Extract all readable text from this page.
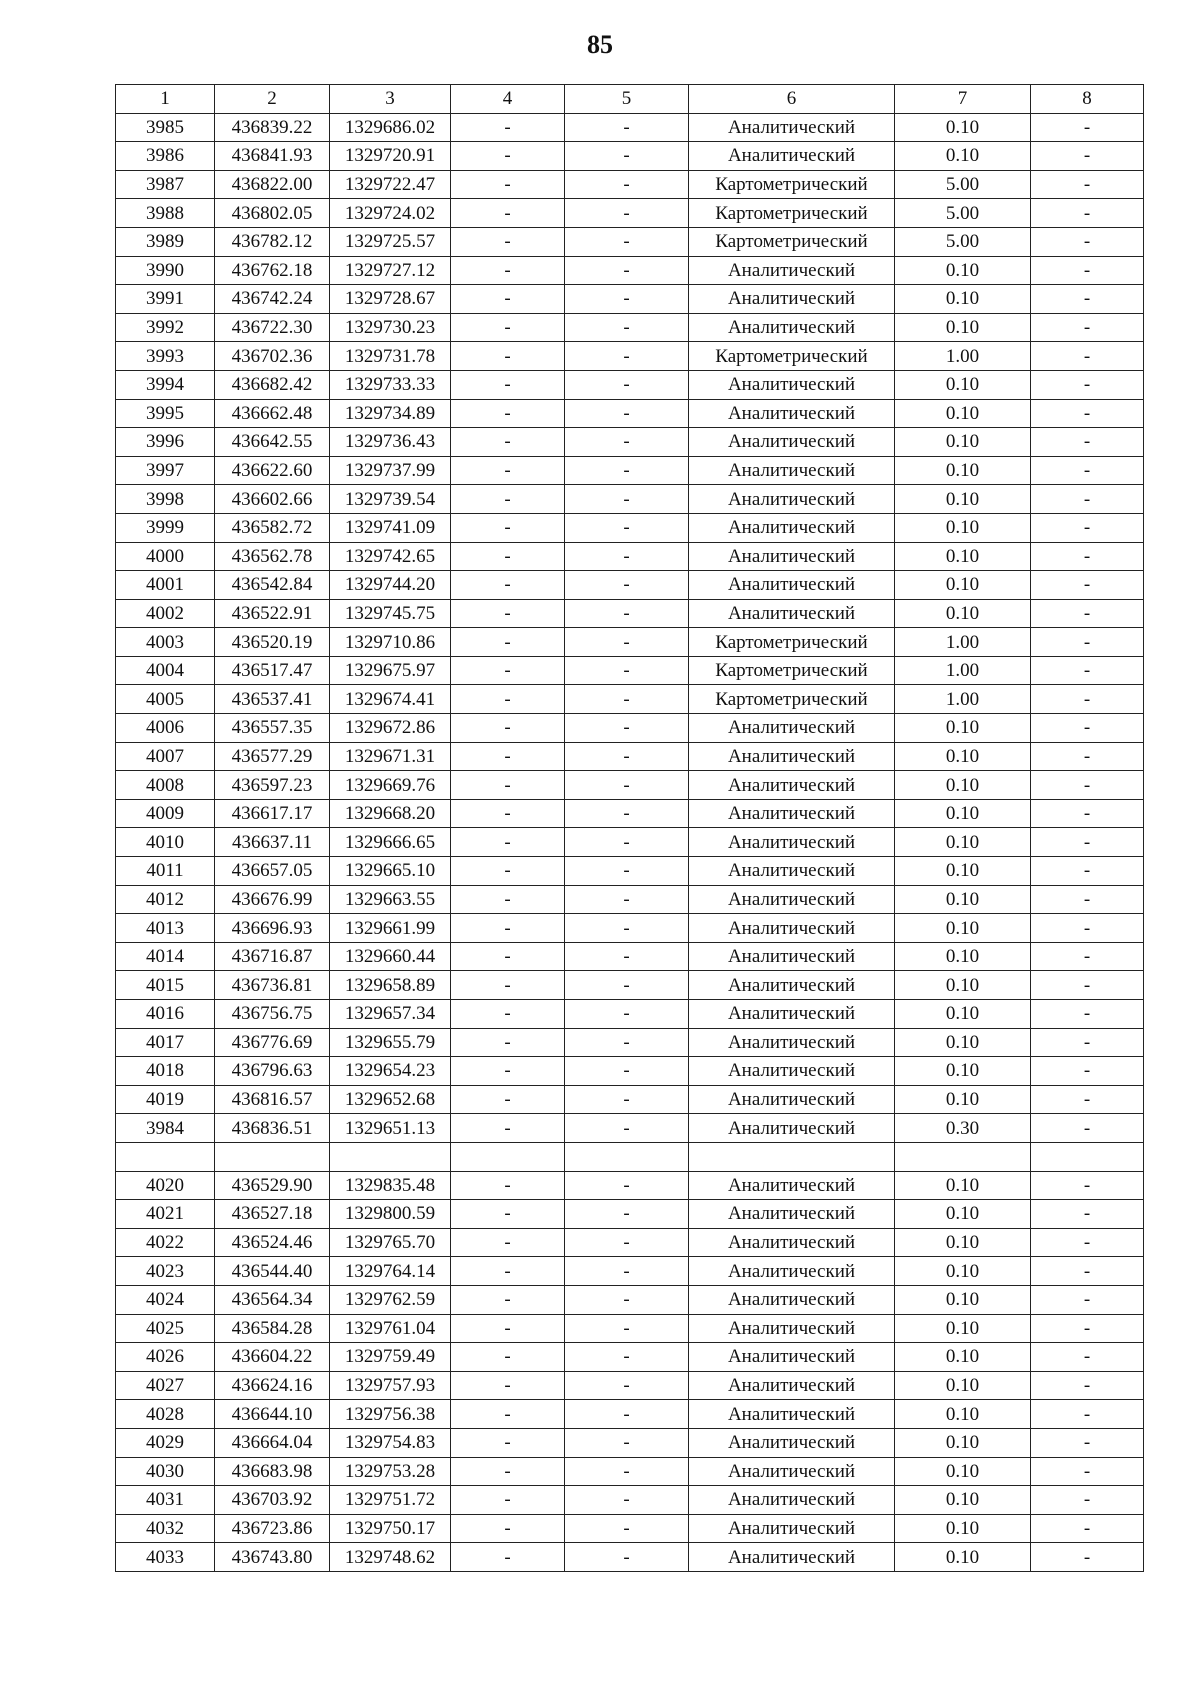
85
1	2	3	4	5	6	7	8
3985	436839.22	1329686.02	-	-	Аналитический	0.10	-
3986	436841.93	1329720.91	-	-	Аналитический	0.10	-
3987	436822.00	1329722.47	-	-	Картометрический	5.00	-
3988	436802.05	1329724.02	-	-	Картометрический	5.00	-
3989	436782.12	1329725.57	-	-	Картометрический	5.00	-
3990	436762.18	1329727.12	-	-	Аналитический	0.10	-
3991	436742.24	1329728.67	-	-	Аналитический	0.10	-
3992	436722.30	1329730.23	-	-	Аналитический	0.10	-
3993	436702.36	1329731.78	-	-	Картометрический	1.00	-
3994	436682.42	1329733.33	-	-	Аналитический	0.10	-
3995	436662.48	1329734.89	-	-	Аналитический	0.10	-
3996	436642.55	1329736.43	-	-	Аналитический	0.10	-
3997	436622.60	1329737.99	-	-	Аналитический	0.10	-
3998	436602.66	1329739.54	-	-	Аналитический	0.10	-
3999	436582.72	1329741.09	-	-	Аналитический	0.10	-
4000	436562.78	1329742.65	-	-	Аналитический	0.10	-
4001	436542.84	1329744.20	-	-	Аналитический	0.10	-
4002	436522.91	1329745.75	-	-	Аналитический	0.10	-
4003	436520.19	1329710.86	-	-	Картометрический	1.00	-
4004	436517.47	1329675.97	-	-	Картометрический	1.00	-
4005	436537.41	1329674.41	-	-	Картометрический	1.00	-
4006	436557.35	1329672.86	-	-	Аналитический	0.10	-
4007	436577.29	1329671.31	-	-	Аналитический	0.10	-
4008	436597.23	1329669.76	-	-	Аналитический	0.10	-
4009	436617.17	1329668.20	-	-	Аналитический	0.10	-
4010	436637.11	1329666.65	-	-	Аналитический	0.10	-
4011	436657.05	1329665.10	-	-	Аналитический	0.10	-
4012	436676.99	1329663.55	-	-	Аналитический	0.10	-
4013	436696.93	1329661.99	-	-	Аналитический	0.10	-
4014	436716.87	1329660.44	-	-	Аналитический	0.10	-
4015	436736.81	1329658.89	-	-	Аналитический	0.10	-
4016	436756.75	1329657.34	-	-	Аналитический	0.10	-
4017	436776.69	1329655.79	-	-	Аналитический	0.10	-
4018	436796.63	1329654.23	-	-	Аналитический	0.10	-
4019	436816.57	1329652.68	-	-	Аналитический	0.10	-
3984	436836.51	1329651.13	-	-	Аналитический	0.30	-

4020	436529.90	1329835.48	-	-	Аналитический	0.10	-
4021	436527.18	1329800.59	-	-	Аналитический	0.10	-
4022	436524.46	1329765.70	-	-	Аналитический	0.10	-
4023	436544.40	1329764.14	-	-	Аналитический	0.10	-
4024	436564.34	1329762.59	-	-	Аналитический	0.10	-
4025	436584.28	1329761.04	-	-	Аналитический	0.10	-
4026	436604.22	1329759.49	-	-	Аналитический	0.10	-
4027	436624.16	1329757.93	-	-	Аналитический	0.10	-
4028	436644.10	1329756.38	-	-	Аналитический	0.10	-
4029	436664.04	1329754.83	-	-	Аналитический	0.10	-
4030	436683.98	1329753.28	-	-	Аналитический	0.10	-
4031	436703.92	1329751.72	-	-	Аналитический	0.10	-
4032	436723.86	1329750.17	-	-	Аналитический	0.10	-
4033	436743.80	1329748.62	-	-	Аналитический	0.10	-
